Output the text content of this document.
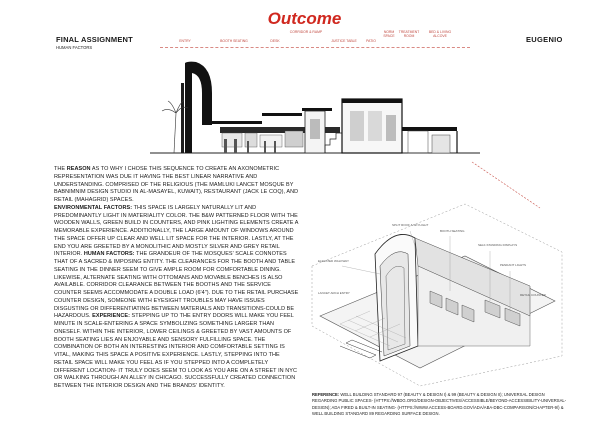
Outcome
FINAL ASSIGNMENT
HUMAN FACTORS
EUGENIO
ENTRY	BOOTH SEATING	DESK
CORRIDOR & RAMP
JUSTICE TABLE	PATIO
NORM SPACE
TREATMENT ROOM
BED & LIVING ALCOVE
THE REASON AS TO WHY I CHOSE THIS SEQUENCE TO CREATE AN AXONOMETRIC REPRESENTATION WAS DUE IT HAVING THE BEST LINEAR NARRATIVE AND UNDERSTANDING. COMPRISED OF THE RELIGIOUS (THE MAMLUKI LANCET MOSQUE BY BABNIMNIM DESIGN STUDIO IN AL-MASAYEL, KUWAIT), RESTAURANT (JACK LE COQ), AND RETAIL (MAHAGRID) SPACES.
ENVIRONMENTAL FACTORS: THIS SPACE IS LARGELY NATURALLY LIT AND PREDOMINANTLY LIGHT IN MATERIALITY COLOR. THE B&W PATTERNED FLOOR WITH THE WOODEN WALLS, GREEN BUILD IN COUNTERS, AND PINK LIGHTING ELEMENTS CREATE A MEMORABLE EXPERIENCE. ADDITIONALLY, THE LARGE AMOUNT OF WINDOWS AROUND THE SPACE OFFER UP CLEAR AND WELL LIT SPACE FOR THE INTERIOR. LASTLY, AT THE END YOU ARE GREETED BY A MONOLITHIC AND MOSTLY SILVER AND GREY RETAIL INTERIOR. HUMAN FACTORS: THE GRANDEUR OF THE MOSQUES' SCALE CONNOTES THAT OF A SACRED & IMPOSING ENTITY. THE CLEARANCES FOR THE BOOTH AND TABLE SEATING IN THE DINNER SEEM TO GIVE AMPLE ROOM FOR COMFORTABLE DINING. LIKEWISE, ALTERNATE SEATING WITH OTTOMANS AND MOVABLE BENCHES IS ALSO AVAILABLE. CORRIDOR CLEARANCE BETWEEN THE BOOTHS AND THE SERVICE COUNTER SEEMS ACCOMMODATE A DOUBLE LOAD (6'4"). DUE TO THE RETAIL PURCHASE COUNTER DESIGN, SOMEONE WITH EYESIGHT TROUBLES MAY HAVE ISSUES DISGUSTING OR DIFFERENTIATING BETWEEN MATERIALS AND TRANSITIONS-COULD BE HAZARDOUS. EXPERIENCE: STEPPING UP TO THE ENTRY DOORS WILL MAKE YOU FEEL MINUTE IN SCALE-ENTERING A SPACE SYMBOLIZING SOMETHING LARGER THAN ONESELF. WITHIN THE INTERIOR, LOWER CEILINGS & GREETED BY VAST AMOUNTS OF BOOTH SEATING LIES AN ENJOYABLE AND SENSORY FULFILLING SPACE. THE COMBINATION OF BOTH AN INTERESTING INTERIOR AND COMFORTABLE SETTING IS VITAL, MAKING THIS SPACE A POSITIVE EXPERIENCE. LASTLY, STEPPING INTO THE RETAIL SPACE WILL MAKE YOU FEEL AS IF YOU STEPPED INTO A COMPLETELY DIFFERENT LOCATION- IT TRULY DOES SEEM TO LOOK AS YOU ARE ON A STREET IN NYC OR WALKING THROUGH AN ALLEY IN CHICAGO. SUCCESSFULLY CREATED CONNECTION BETWEEN THE INTERIOR DESIGN AND THE BRANDS' IDENTITY.
ELEVATED WALKWAY
SPLIT ROOF & SKYLIGHT
BOOTH SEATING
SELF-STANDING DISPLAYS
LANCET ARCH ENTRY
PENDANT LIGHTS
RETAIL COUNTER
REFERENCE: WELL BUILDING STANDARD 97 (BEAUTY & DESIGN I) & 99 (BEAUTY & DESIGN II); UNIVERSAL DESIGN REGARDING PUBLIC SPACES- (HTTPS://WBDG.ORG/DESIGN-OBJECTIVES/ACCESSIBLE/BEYOND-ACCESSIBILITY-UNIVERSAL-DESIGN); ADA FIRED & BUILT-IN SEATING- (HTTPS://WWW.ACCESS-BOARD.GOV/ADA/ABA-DBC-COMPARISON/CHAPTER-9/) & WELL BUILDING STANDARD 89 REGARDING SURFACE DESIGN.
